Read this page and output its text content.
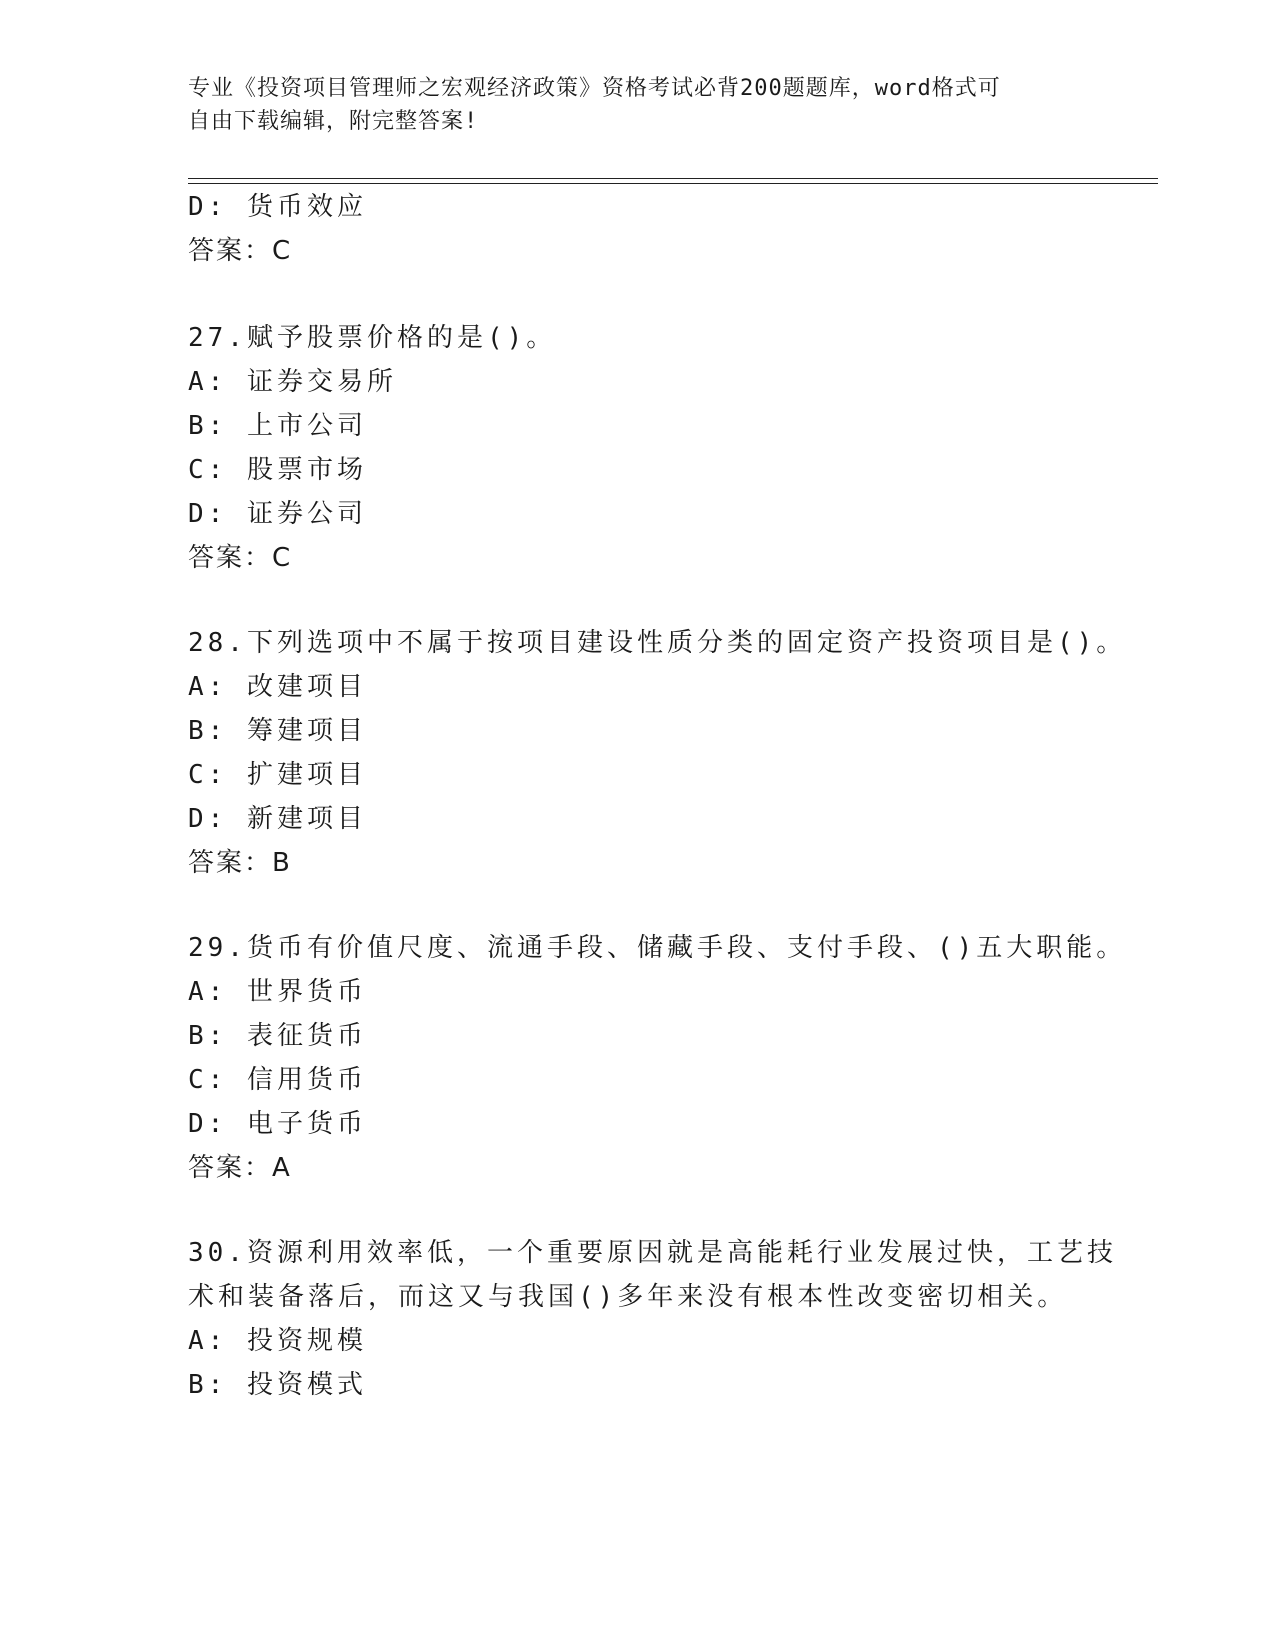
专业《投资项目管理师之宏观经济政策》资格考试必背200题题库，word格式可
自由下载编辑，附完整答案!
D: 货币效应
答案：C
27.赋予股票价格的是()。
A: 证券交易所
B: 上市公司
C: 股票市场
D: 证券公司
答案：C
28.下列选项中不属于按项目建设性质分类的固定资产投资项目是()。
A: 改建项目
B: 筹建项目
C: 扩建项目
D: 新建项目
答案：B
29.货币有价值尺度、流通手段、储藏手段、支付手段、()五大职能。
A: 世界货币
B: 表征货币
C: 信用货币
D: 电子货币
答案：A
30.资源利用效率低，一个重要原因就是高能耗行业发展过快，工艺技
术和装备落后，而这又与我国()多年来没有根本性改变密切相关。
A: 投资规模
B: 投资模式
